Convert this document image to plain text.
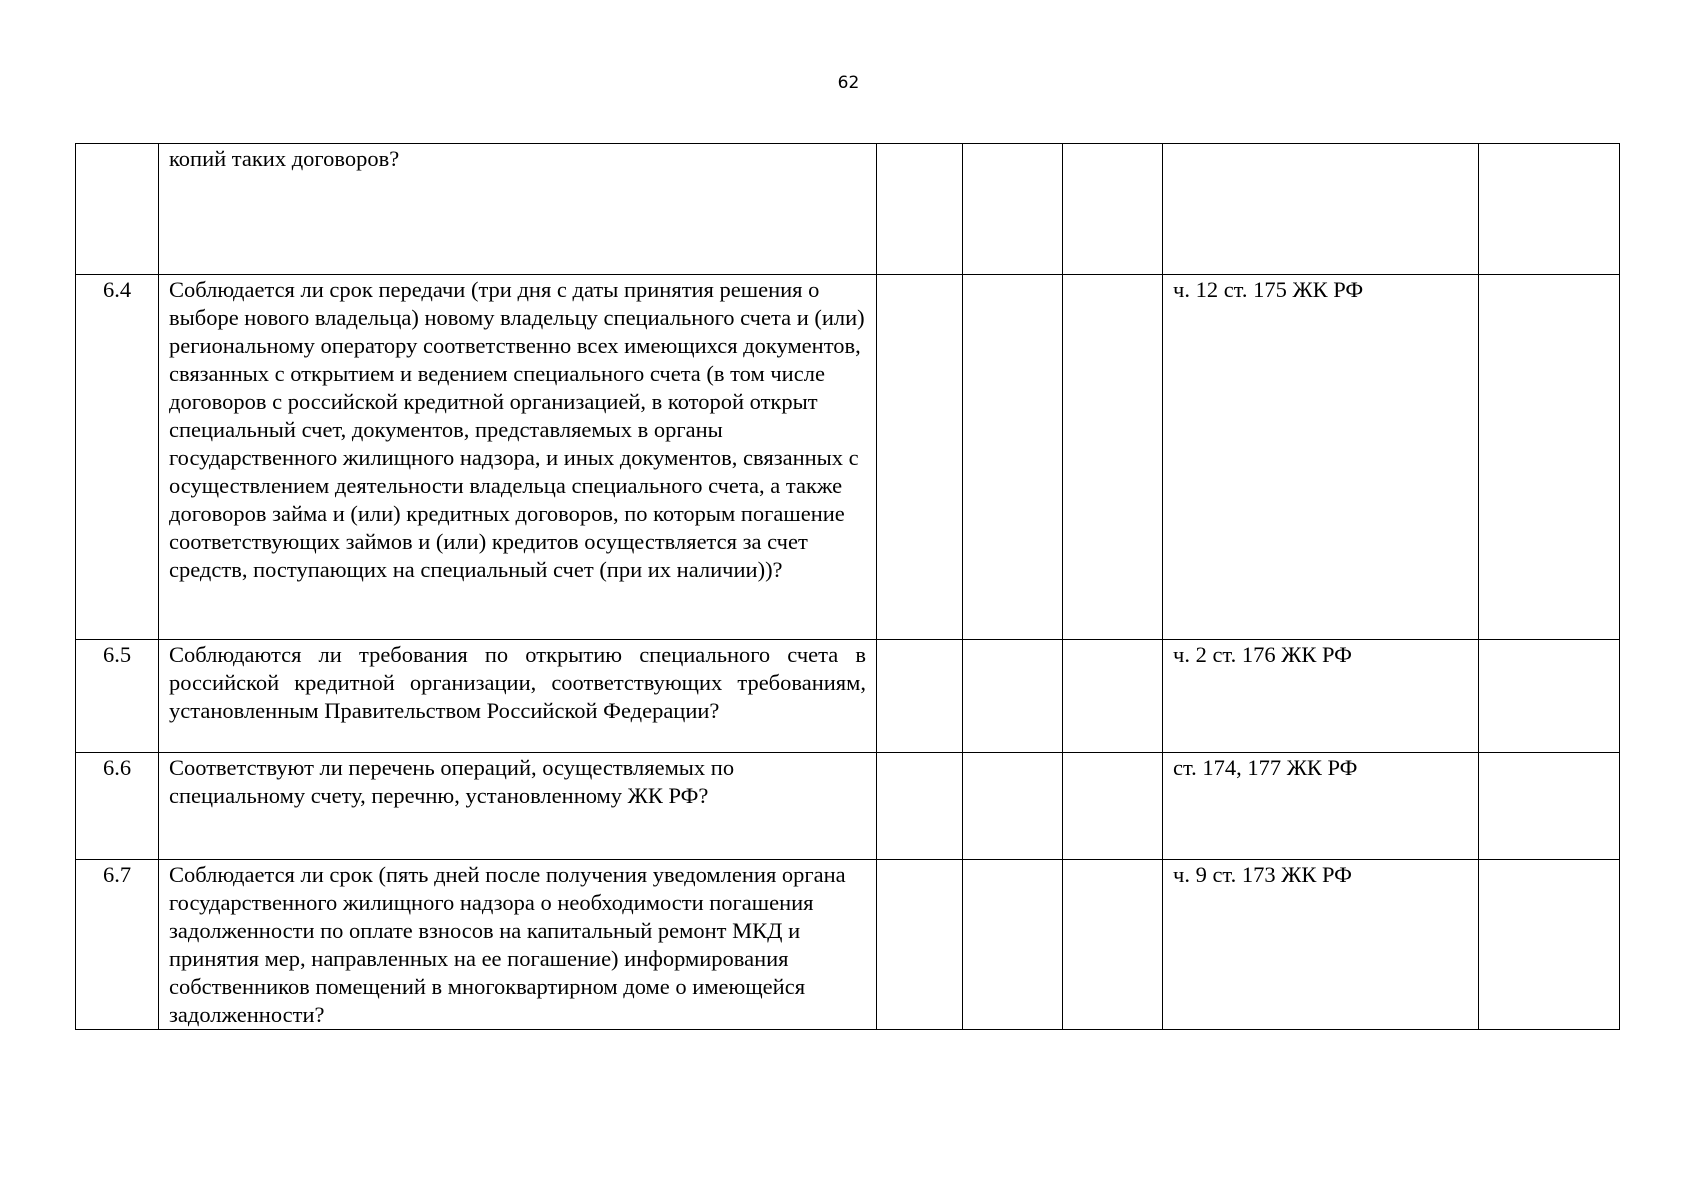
62

	копий таких договоров?					

6.4	Соблюдается ли срок передачи (три дня с даты принятия решения о выборе нового владельца) новому владельцу специального счета и (или) региональному оператору соответственно всех имеющихся документов, связанных с открытием и ведением специального счета (в том числе договоров с российской кредитной организацией, в которой открыт специальный счет, документов, представляемых в органы государственного жилищного надзора, и иных документов, связанных с осуществлением деятельности владельца специального счета, а также договоров займа и (или) кредитных договоров, по которым погашение соответствующих займов и (или) кредитов осуществляется за счет средств, поступающих на специальный счет (при их наличии))?				ч. 12 ст. 175 ЖК РФ	
6.5	Соблюдаются ли требования по открытию специального счета в российской кредитной организации, соответствующих требованиям, установленным Правительством Российской Федерации?				ч. 2 ст. 176 ЖК РФ	
6.6	Соответствуют ли перечень операций, осуществляемых по специальному счету, перечню, установленному ЖК РФ?				ст. 174, 177 ЖК РФ	
6.7	Соблюдается ли срок (пять дней после получения уведомления органа государственного жилищного надзора о необходимости погашения задолженности по оплате взносов на капитальный ремонт МКД и принятия мер, направленных на ее погашение) информирования собственников помещений в многоквартирном доме о имеющейся задолженности?				ч. 9 ст. 173 ЖК РФ	
